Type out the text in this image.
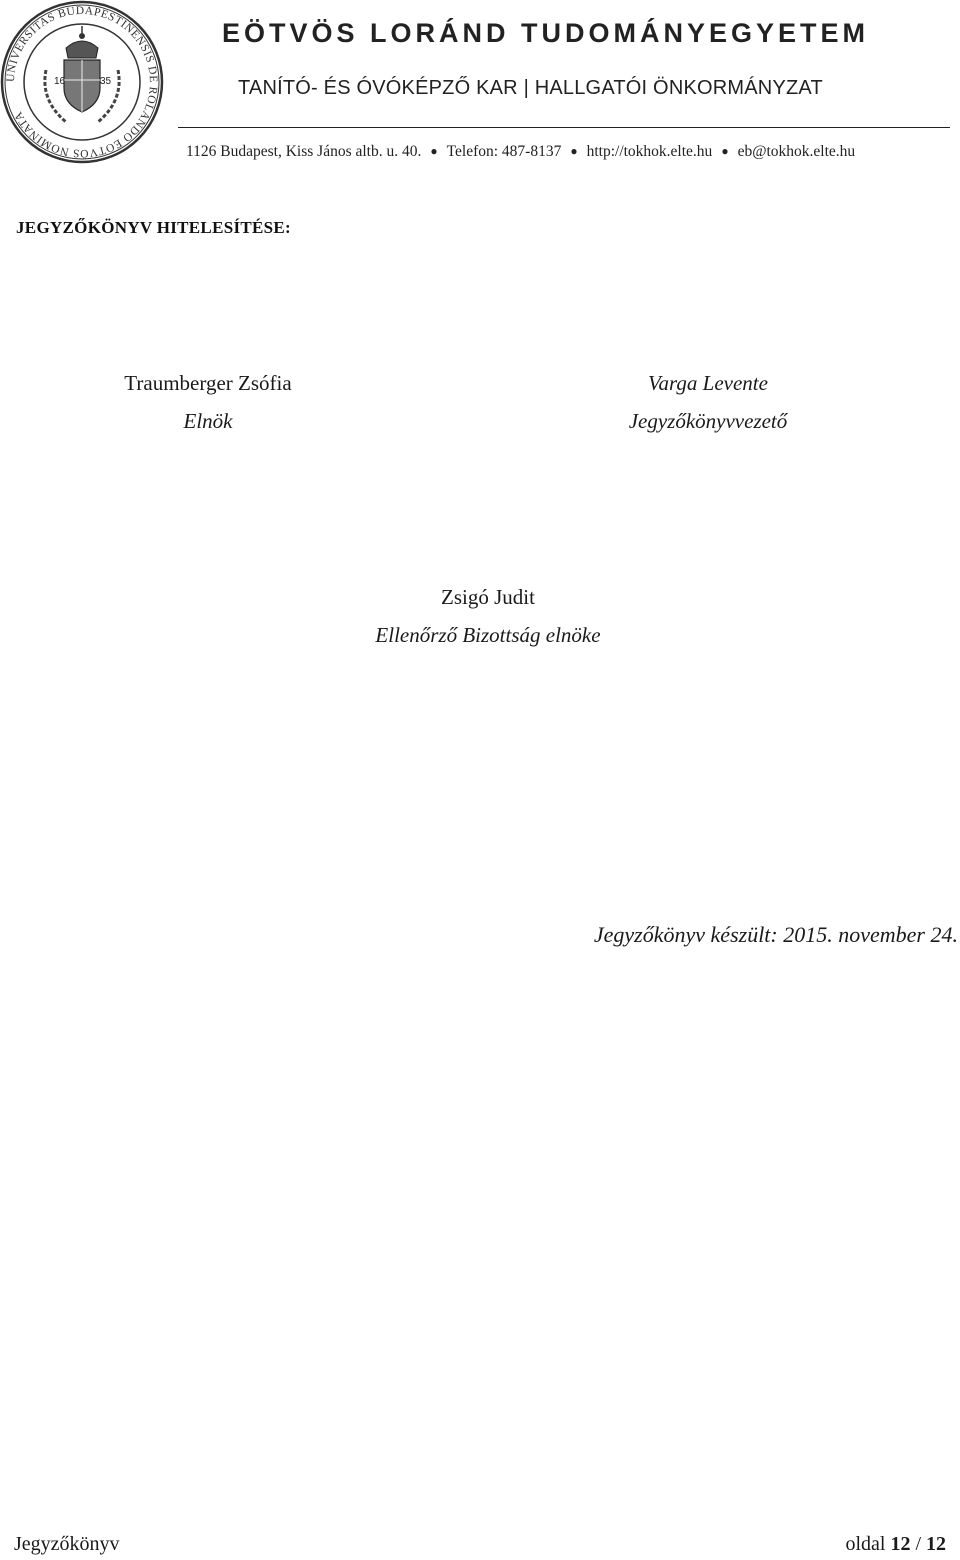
UNIVERSITAS BUDAPESTINENSIS DE ROLANDO EÖTVÖS NOMINATA
16	35
EÖTVÖS LORÁND TUDOMÁNYEGYETEM
TANÍTÓ- ÉS ÓVÓKÉPZŐ KAR | HALLGATÓI ÖNKORMÁNYZAT
1126 Budapest, Kiss János altb. u. 40. ● Telefon: 487-8137 ● http://tokhok.elte.hu ● eb@tokhok.elte.hu
JEGYZŐKÖNYV HITELESÍTÉSE:
Traumberger Zsófia
Elnök
Varga Levente
Jegyzőkönyvvezető
Zsigó Judit
Ellenőrző Bizottság elnöke
Jegyzőkönyv készült: 2015. november 24.
Jegyzőkönyv	oldal 12 / 12
